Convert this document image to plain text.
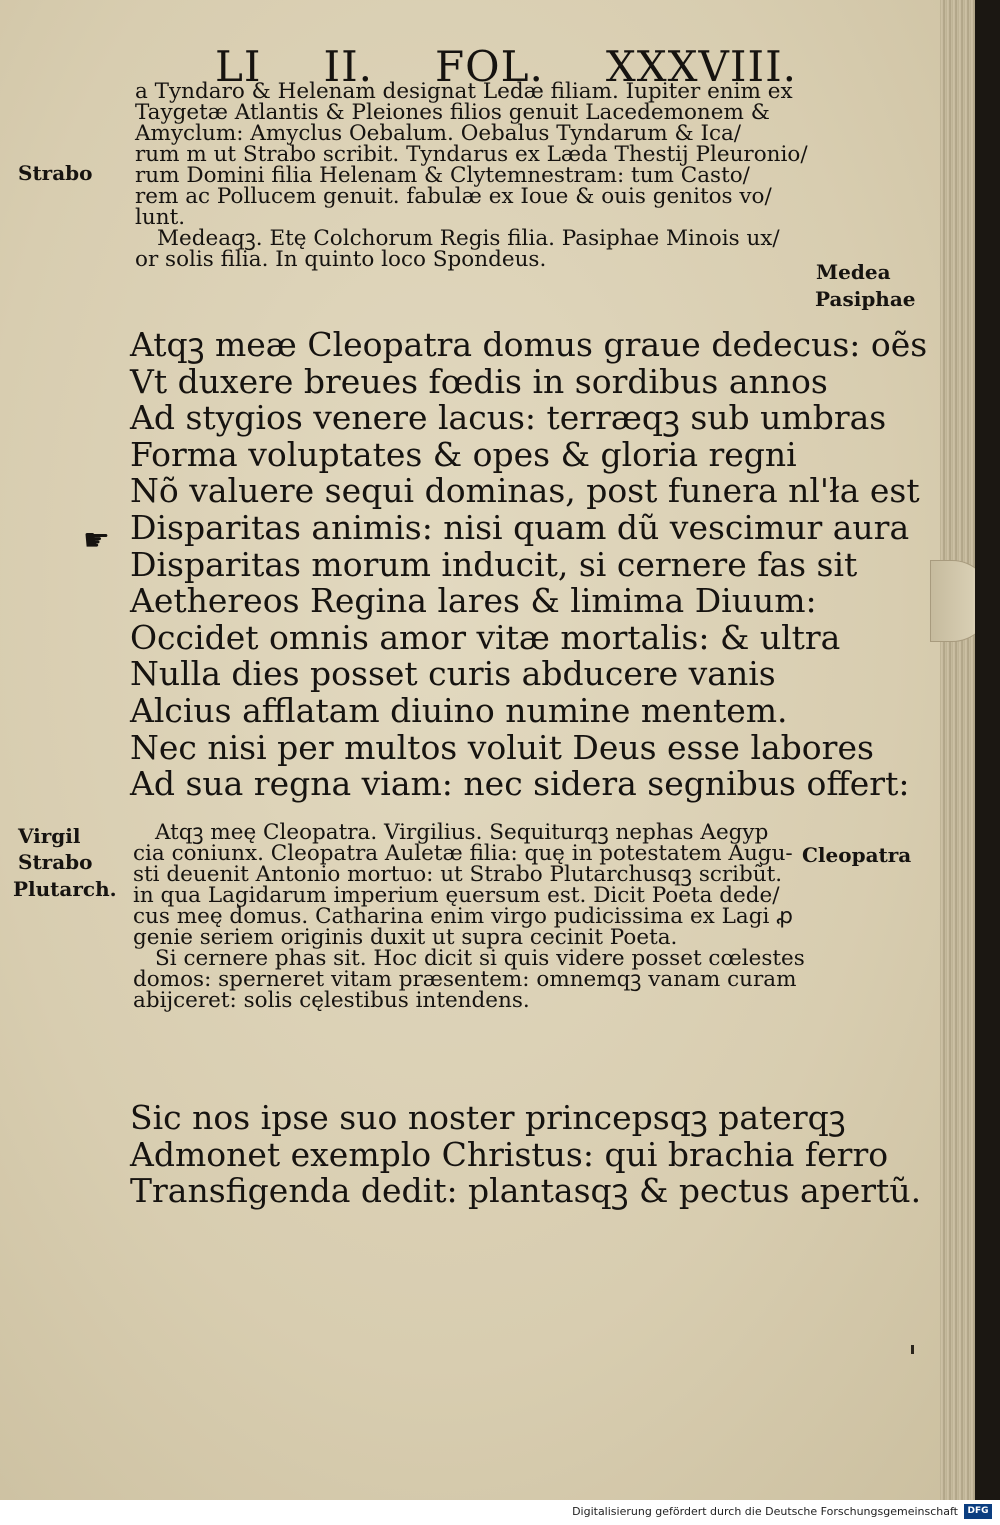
LI II. FOL. XXXVIII.
a Tyndaro & Helenam designat Ledæ filiam. Iupiter enim ex
Taygetæ Atlantis & Pleiones filios genuit Lacedemonem &
Amyclum: Amyclus Oebalum. Oebalus Tyndarum & Ica/
rum m ut Strabo scribit. Tyndarus ex Læda Thestij Pleuronio/
rum Domini filia Helenam & Clytemnestram: tum Casto/
rem ac Pollucem genuit. fabulæ ex Ioue & ouis genitos vo/
lunt.
Medeaqꝫ. Etę Colchorum Regis filia. Pasiphae Minois ux/
or solis filia. In quinto loco Spondeus.
Atqꝫ meæ Cleopatra domus graue dedecus: oẽs
Vt duxere breues fœdis in sordibus annos
Ad stygios venere lacus: terræqꝫ sub umbras
Forma voluptates & opes & gloria regni
Nõ valuere sequi dominas, post funera nl'ła est
Disparitas animis: nisi quam dũ vescimur aura
Disparitas morum inducit, si cernere fas sit
Aethereos Regina lares & limima Diuum:
Occidet omnis amor vitæ mortalis: & ultra
Nulla dies posset curis abducere vanis
Alcius afflatam diuino numine mentem.
Nec nisi per multos voluit Deus esse labores
Ad sua regna viam: nec sidera segnibus offert:
Atqꝫ meę Cleopatra. Virgilius. Sequiturqꝫ nephas Aegyp
cia coniunx. Cleopatra Auletæ filia: quę in potestatem Augu-
sti deuenit Antonio mortuo: ut Strabo Plutarchusqꝫ scribũt.
in qua Lagidarum imperium ęuersum est. Dicit Poeta dede/
cus meę domus. Catharina enim virgo pudicissima ex Lagi ꝓ
genie seriem originis duxit ut supra cecinit Poeta.
Si cernere phas sit. Hoc dicit si quis videre posset cœlestes
domos: sperneret vitam præsentem: omnemqꝫ vanam curam
abijceret: solis cęlestibus intendens.
Sic nos ipse suo noster princepsqꝫ paterqꝫ
Admonet exemplo Christus: qui brachia ferro
Transfigenda dedit: plantasqꝫ & pectus apertũ.
Strabo
Medea
Pasiphae
Virgil
Strabo
Plutarch.
Cleopatra
☛
Digitalisierung gefördert durch die Deutsche Forschungsgemeinschaft	DFG
